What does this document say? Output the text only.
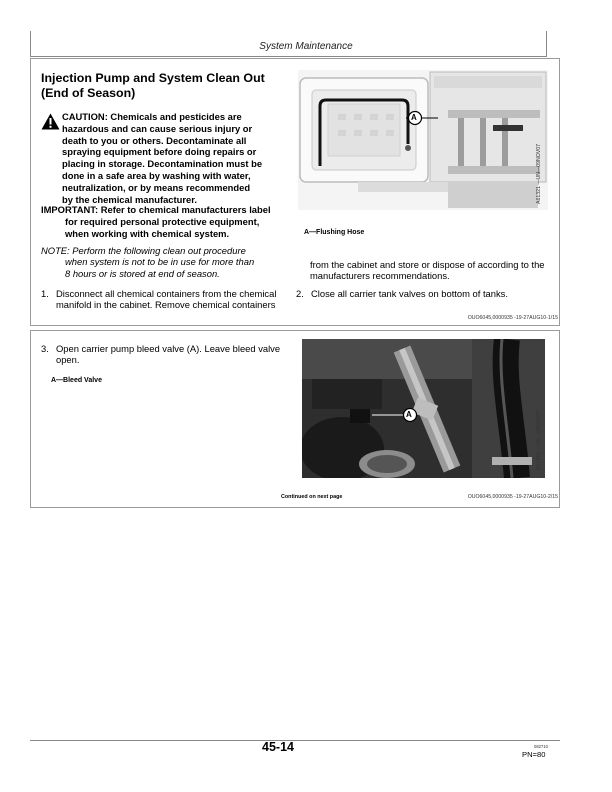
System Maintenance
Injection Pump and System Clean Out (End of Season)
CAUTION: Chemicals and pesticides are
hazardous and can cause serious injury or
death to you or others. Decontaminate all
spraying equipment before doing repairs or
placing in storage. Decontamination must be
done in a safe area by washing with water,
neutralization, or by means recommended
by the chemical manufacturer.
IMPORTANT: Refer to chemical manufacturers label
for required personal protective equipment,
when working with chemical system.
NOTE: Perform the following clean out procedure
when system is not to be in use for more than
8 hours or is stored at end of season.
1. Disconnect all chemical containers from the chemical manifold in the cabinet. Remove chemical containers
from the cabinet and store or dispose of according to the manufacturers recommendations.
2. Close all carrier tank valves on bottom of tanks.
A
A61321 —UN—09NOV07
A—Flushing Hose
OUO6045,0000935 -19-27AUG10-1/15
3. Open carrier pump bleed valve (A). Leave bleed valve open.
A—Bleed Valve
A	A61269 —UN—09NOV07
Continued on next page	OUO6045,0000935 -19-27AUG10-2/15
45-14	082710
PN=80
